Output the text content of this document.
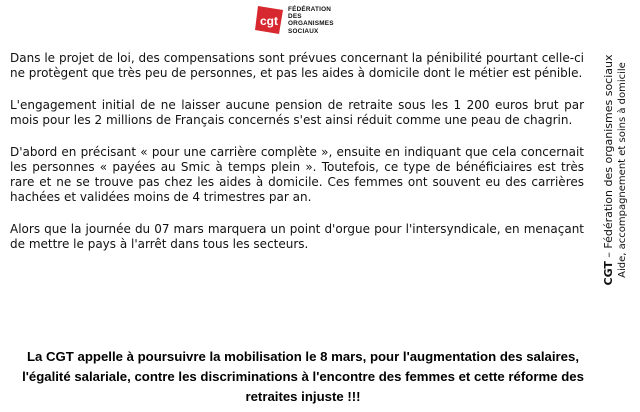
cgt
FÉDÉRATION
DES
ORGANISMES
SOCIAUX

Dans le projet de loi, des compensations sont prévues concernant la pénibilité pourtant celle-ci ne protègent que très peu de personnes, et pas les aides à domicile dont le métier est pénible.

L'engagement initial de ne laisser aucune pension de retraite sous les 1 200 euros brut par mois pour les 2 millions de Français concernés s'est ainsi réduit comme une peau de chagrin.

D'abord en précisant « pour une carrière complète », ensuite en indiquant que cela concernait les personnes « payées au Smic à temps plein ». Toutefois, ce type de bénéficiaires est très rare et ne se trouve pas chez les aides à domicile. Ces femmes ont souvent eu des carrières hachées et validées moins de 4 trimestres par an.

Alors que la journée du 07 mars marquera un point d'orgue pour l'intersyndicale, en menaçant de mettre le pays à l'arrêt dans tous les secteurs.

CGT – Fédération des organismes sociaux Aide, accompagnement et soins à domicile
La CGT appelle à poursuivre la mobilisation le 8 mars, pour l'augmentation des salaires, l'égalité salariale, contre les discriminations à l'encontre des femmes et cette réforme des retraites injuste !!!
